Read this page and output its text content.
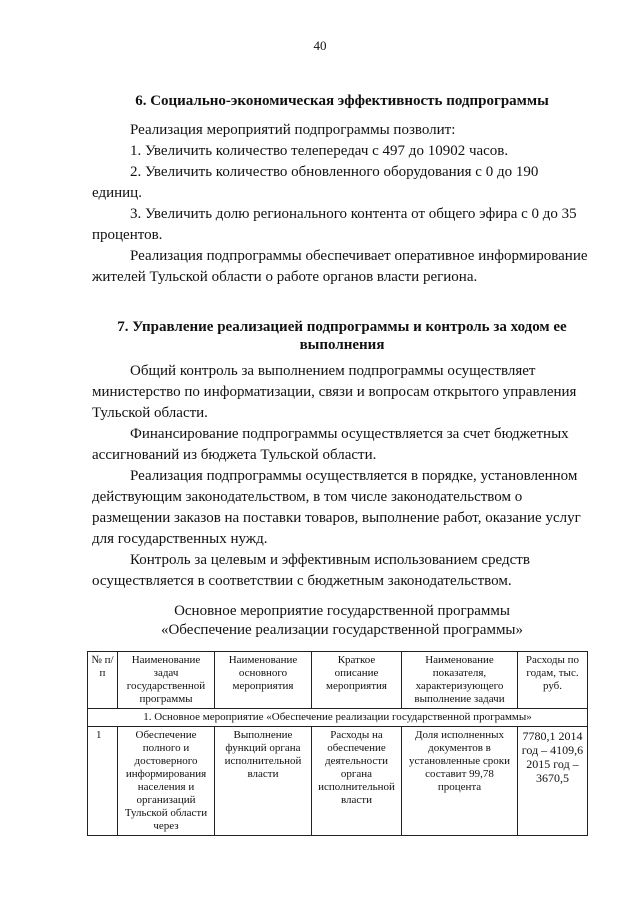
40
6. Социально-экономическая эффективность подпрограммы
Реализация мероприятий подпрограммы позволит:
1. Увеличить количество телепередач с 497 до 10902 часов.
2. Увеличить количество обновленного оборудования с 0 до 190
единиц.
3. Увеличить долю регионального контента от общего эфира с 0 до 35
процентов.
Реализация подпрограммы обеспечивает оперативное информирование
жителей Тульской области о работе органов власти региона.
7. Управление реализацией подпрограммы и контроль за ходом ее
выполнения
Общий контроль за выполнением подпрограммы осуществляет
министерство по информатизации, связи и вопросам открытого управления
Тульской области.
Финансирование подпрограммы осуществляется за счет бюджетных
ассигнований из бюджета Тульской области.
Реализация подпрограммы осуществляется в порядке, установленном
действующим законодательством, в том числе законодательством о
размещении заказов на поставки товаров, выполнение работ, оказание услуг
для государственных нужд.
Контроль за целевым и эффективным использованием средств
осуществляется в соответствии с бюджетным законодательством.
Основное мероприятие государственной программы
«Обеспечение реализации государственной программы»
№ п/п	Наименование задач государственной программы	Наименование основного мероприятия	Краткое описание мероприятия	Наименование показателя, характеризующего выполнение задачи	Расходы по годам, тыс. руб.
1. Основное мероприятие «Обеспечение реализации государственной программы»					
1	Обеспечение полного и достоверного информирования населения и организаций Тульской области через	Выполнение функций органа исполнительной власти	Расходы на обеспечение деятельности органа исполнительной власти	Доля исполненных документов в установленные сроки составит 99,78 процента	7780,1 2014 год – 4109,6 2015 год – 3670,5
